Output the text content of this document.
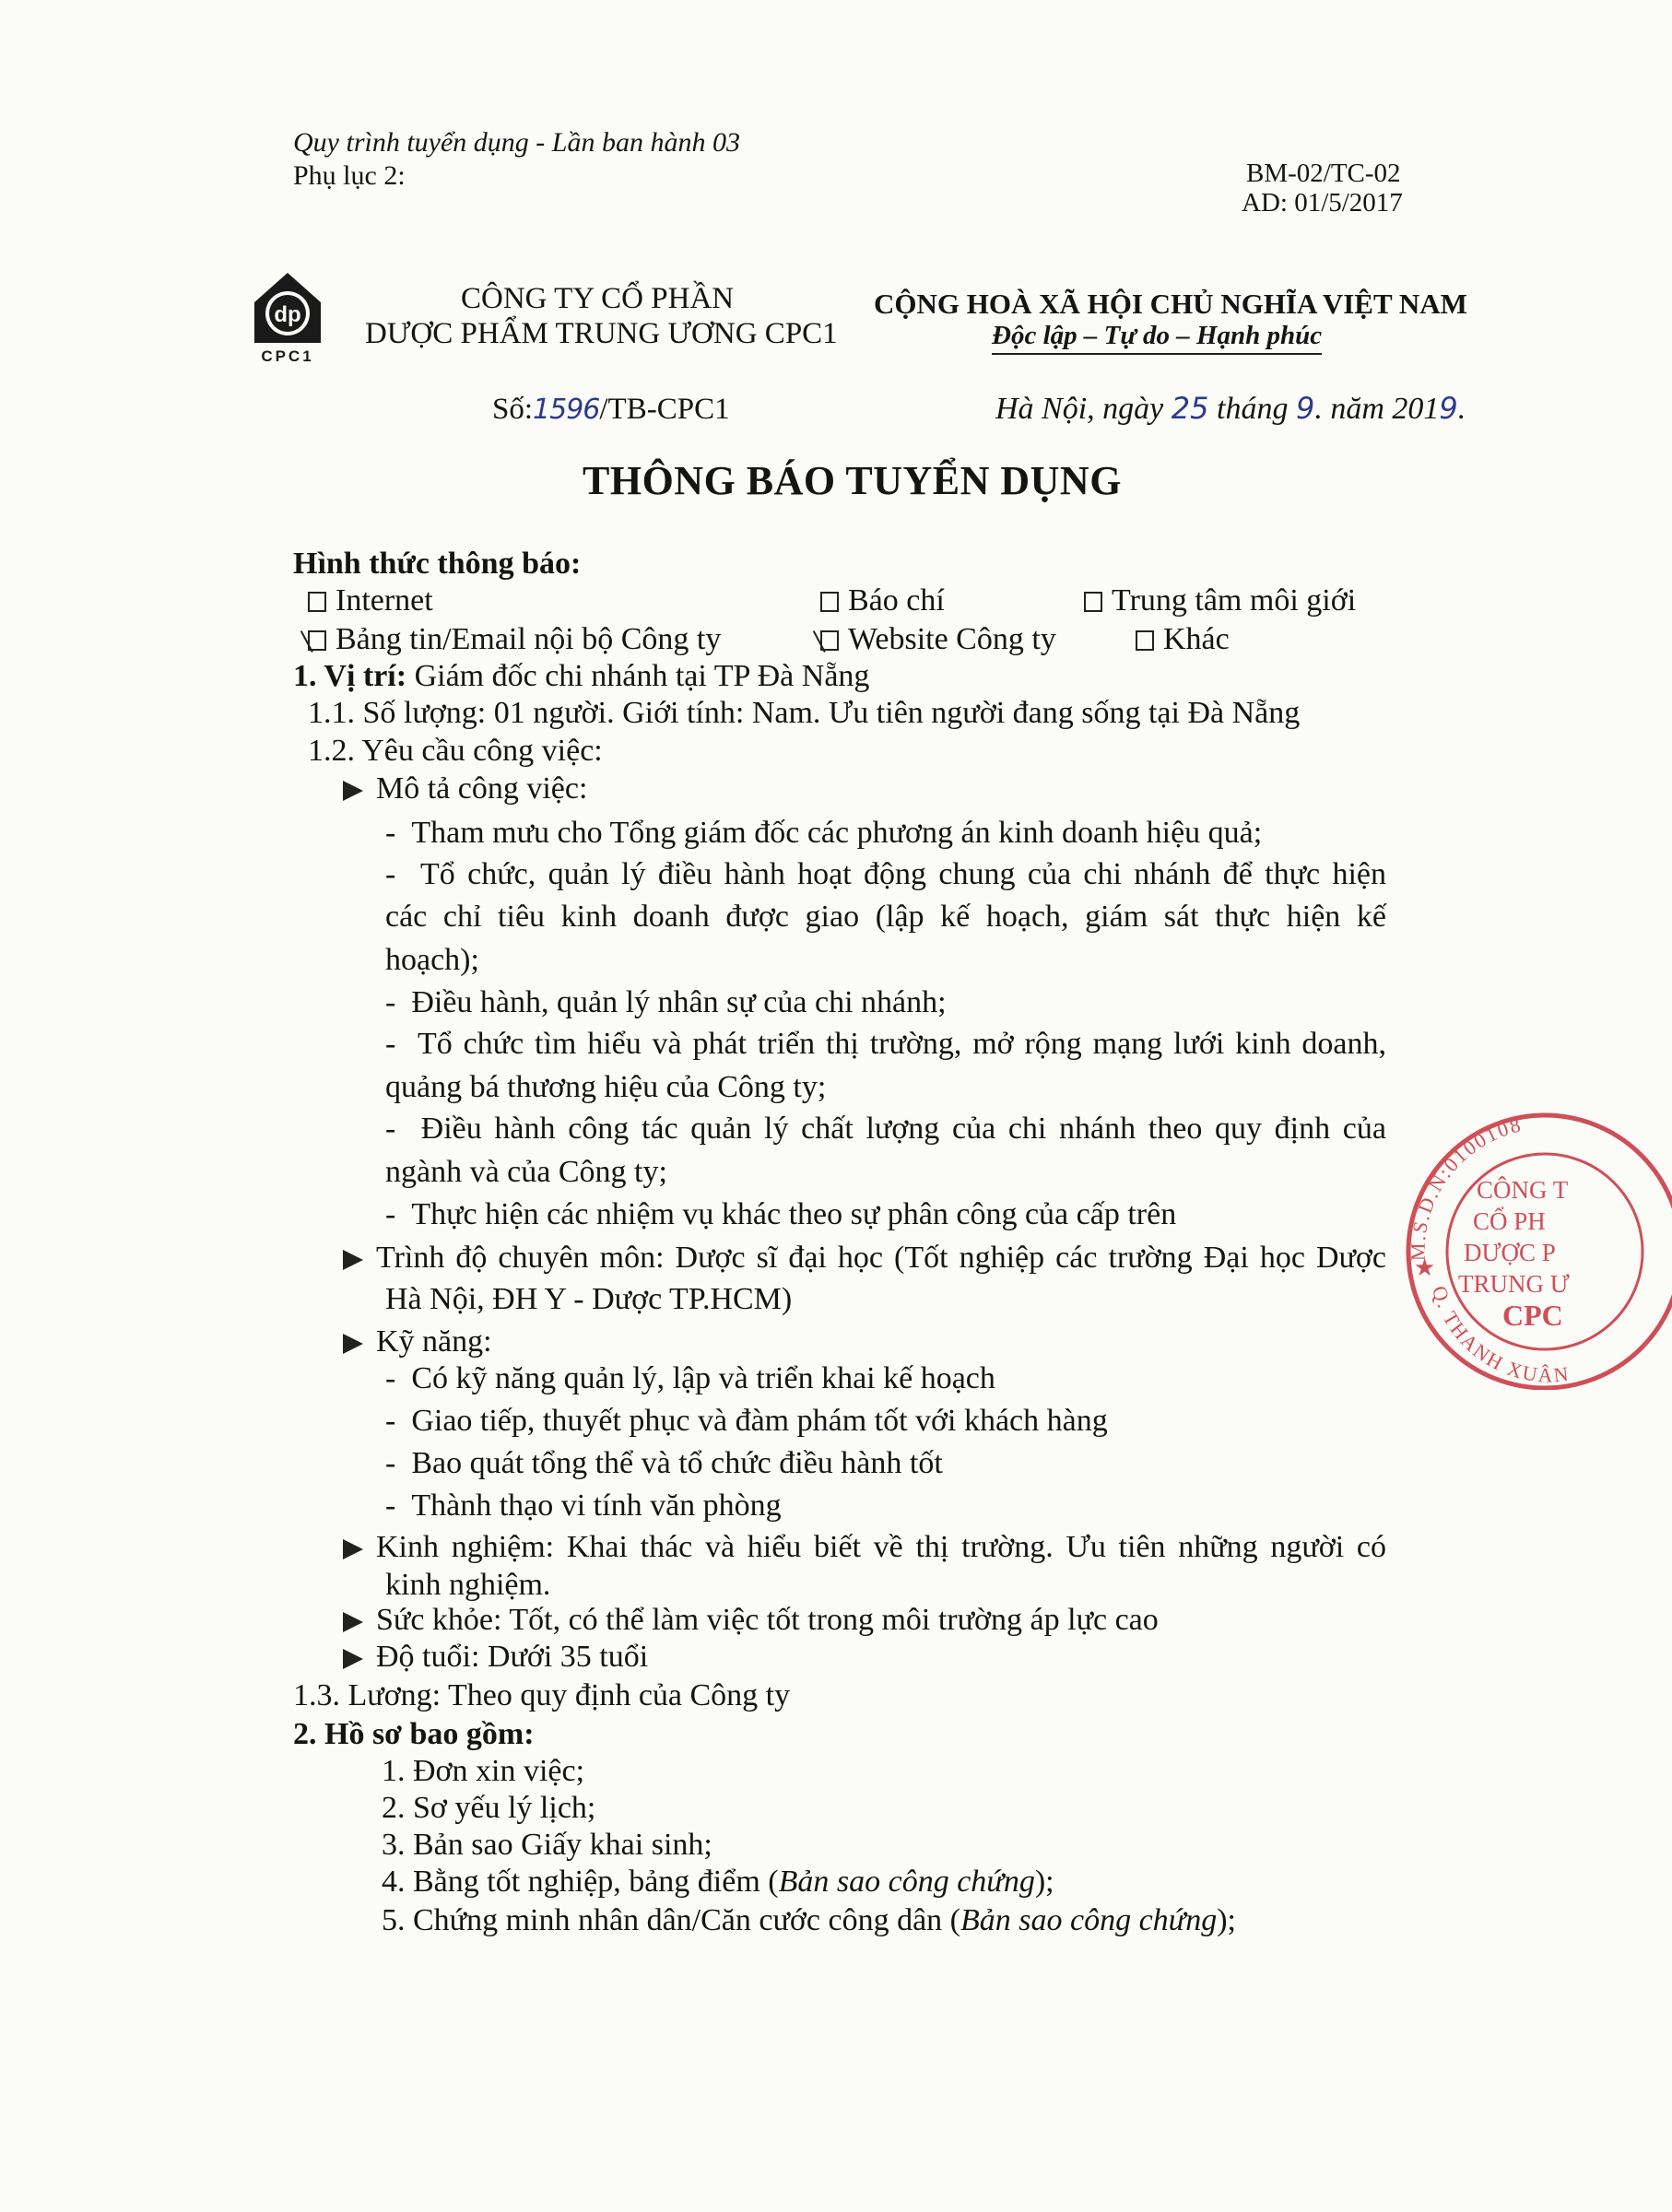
Quy trình tuyển dụng - Lần ban hành 03
Phụ lục 2:	BM-02/TC-02
AD: 01/5/2017
dp
CPC1
CÔNG TY CỔ PHẦN
DƯỢC PHẨM TRUNG ƯƠNG CPC1
CỘNG HOÀ XÃ HỘI CHỦ NGHĨA VIỆT NAM
Độc lập – Tự do – Hạnh phúc
Số:1596/TB-CPC1	Hà Nội, ngày 25 tháng 9. năm 2019.
THÔNG BÁO TUYỂN DỤNG
Hình thức thông báo:
Internet	Báo chí	Trung tâm môi giới
Bảng tin/Email nội bộ Công ty	Website Công ty	Khác
1. Vị trí: Giám đốc chi nhánh tại TP Đà Nẵng
1.1. Số lượng: 01 người. Giới tính: Nam. Ưu tiên người đang sống tại Đà Nẵng
1.2. Yêu cầu công việc:
Mô tả công việc:
-  Tham mưu cho Tổng giám đốc các phương án kinh doanh hiệu quả;
-  Tổ chức, quản lý điều hành hoạt động chung của chi nhánh để thực hiện
các chỉ tiêu kinh doanh được giao (lập kế hoạch, giám sát thực hiện kế
hoạch);
-  Điều hành, quản lý nhân sự của chi nhánh;
-  Tổ chức tìm hiểu và phát triển thị trường, mở rộng mạng lưới kinh doanh,
quảng bá thương hiệu của Công ty;
-  Điều hành công tác quản lý chất lượng của chi nhánh theo quy định của
ngành và của Công ty;
-  Thực hiện các nhiệm vụ khác theo sự phân công của cấp trên
Trình độ chuyên môn: Dược sĩ đại học (Tốt nghiệp các trường Đại học Dược
Hà Nội, ĐH Y - Dược TP.HCM)
Kỹ năng:
-  Có kỹ năng quản lý, lập và triển khai kế hoạch
-  Giao tiếp, thuyết phục và đàm phám tốt với khách hàng
-  Bao quát tổng thể và tổ chức điều hành tốt
-  Thành thạo vi tính văn phòng
Kinh nghiệm: Khai thác và hiểu biết về thị trường. Ưu tiên những người có
kinh nghiệm.
Sức khỏe: Tốt, có thể làm việc tốt trong môi trường áp lực cao
Độ tuổi: Dưới 35 tuổi
1.3. Lương: Theo quy định của Công ty
2. Hồ sơ bao gồm:
1. Đơn xin việc;
2. Sơ yếu lý lịch;
3. Bản sao Giấy khai sinh;
4. Bằng tốt nghiệp, bảng điểm (Bản sao công chứng);
5. Chứng minh nhân dân/Căn cước công dân (Bản sao công chứng);
M.S.D.N:0100108
Q. THANH XUÂN
★
CÔNG T
CỔ PH
DƯỢC P
TRUNG Ư
CPC
